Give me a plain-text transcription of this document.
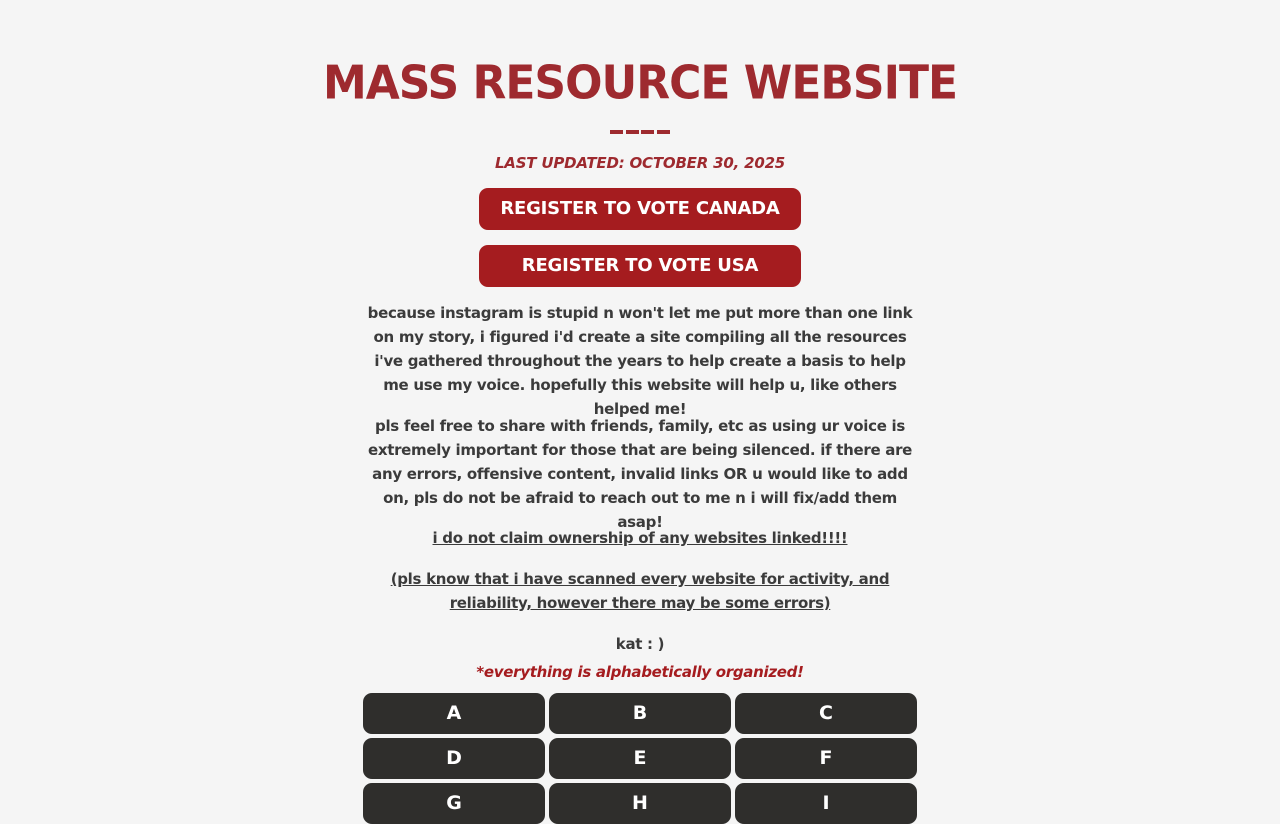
MASS RESOURCE WEBSITE
LAST UPDATED: OCTOBER 30, 2025
REGISTER TO VOTE CANADA
REGISTER TO VOTE USA
because instagram is stupid n won't let me put more than one link on my story, i figured i'd create a site compiling all the resources i've gathered throughout the years to help create a basis to help me use my voice. hopefully this website will help u, like others helped me!
pls feel free to share with friends, family, etc as using ur voice is extremely important for those that are being silenced. if there are any errors, offensive content, invalid links OR u would like to add on, pls do not be afraid to reach out to me n i will fix/add them asap!
i do not claim ownership of any websites linked!!!!
(pls know that i have scanned every website for activity, and reliability, however there may be some errors)
kat : )
*everything is alphabetically organized!
A	B	C
D	E	F
G	H	I
